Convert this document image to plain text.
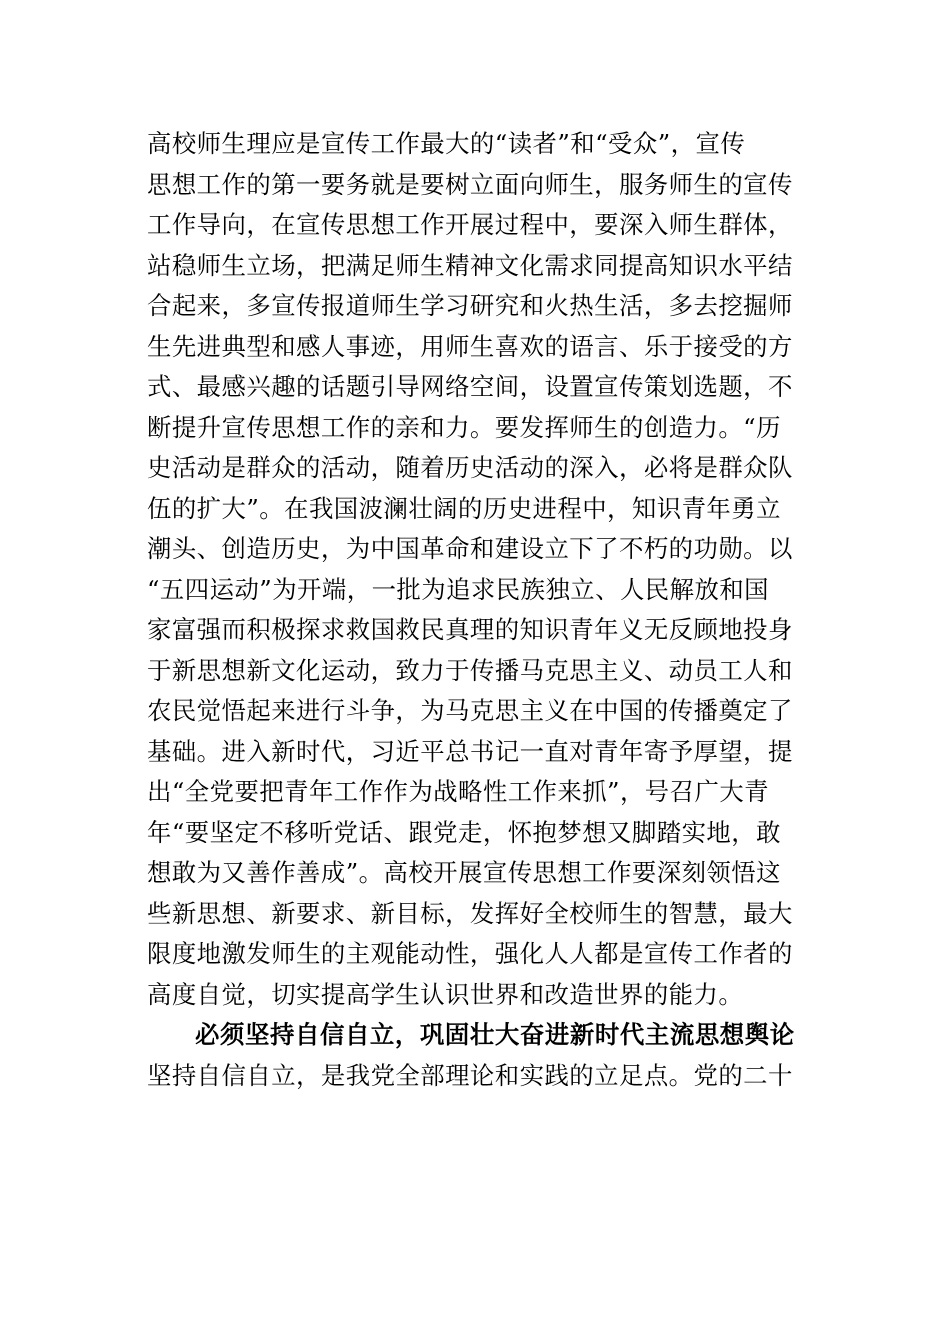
高校师生理应是宣传工作最大的“读者”和“受众”，宣传
思想工作的第一要务就是要树立面向师生，服务师生的宣传
工作导向，在宣传思想工作开展过程中，要深入师生群体，
站稳师生立场，把满足师生精神文化需求同提高知识水平结
合起来，多宣传报道师生学习研究和火热生活，多去挖掘师
生先进典型和感人事迹，用师生喜欢的语言、乐于接受的方
式、最感兴趣的话题引导网络空间，设置宣传策划选题，不
断提升宣传思想工作的亲和力。要发挥师生的创造力。“历
史活动是群众的活动，随着历史活动的深入，必将是群众队
伍的扩大”。在我国波澜壮阔的历史进程中，知识青年勇立
潮头、创造历史，为中国革命和建设立下了不朽的功勋。以
“五四运动”为开端，一批为追求民族独立、人民解放和国
家富强而积极探求救国救民真理的知识青年义无反顾地投身
于新思想新文化运动，致力于传播马克思主义、动员工人和
农民觉悟起来进行斗争，为马克思主义在中国的传播奠定了
基础。进入新时代，习近平总书记一直对青年寄予厚望，提
出“全党要把青年工作作为战略性工作来抓”，号召广大青
年“要坚定不移听党话、跟党走，怀抱梦想又脚踏实地，敢
想敢为又善作善成”。高校开展宣传思想工作要深刻领悟这
些新思想、新要求、新目标，发挥好全校师生的智慧，最大
限度地激发师生的主观能动性，强化人人都是宣传工作者的
高度自觉，切实提高学生认识世界和改造世界的能力。
必须坚持自信自立，巩固壮大奋进新时代主流思想舆论
坚持自信自立，是我党全部理论和实践的立足点。党的二十
